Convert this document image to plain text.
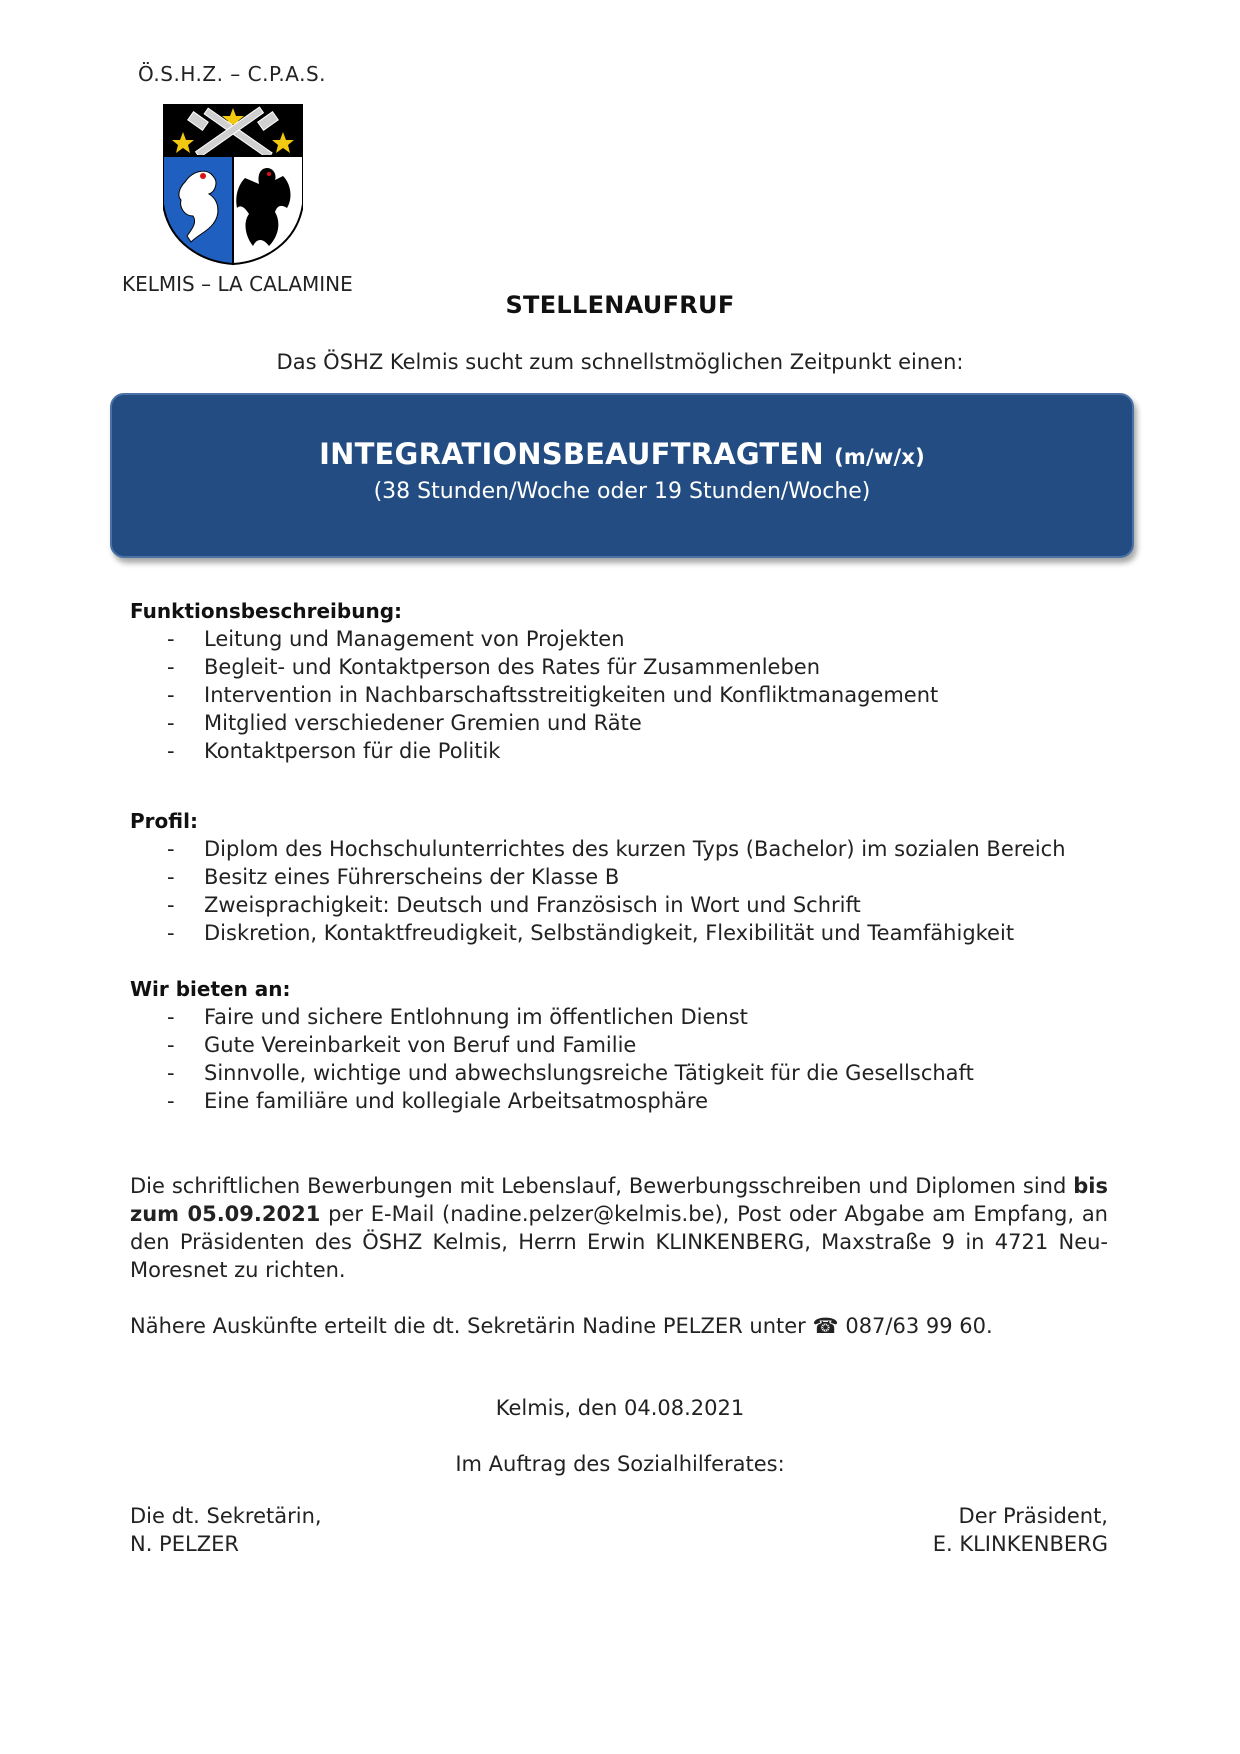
Ö.S.H.Z. – C.P.A.S.
KELMIS – LA CALAMINE
STELLENAUFRUF
Das ÖSHZ Kelmis sucht zum schnellstmöglichen Zeitpunkt einen:
INTEGRATIONSBEAUFTRAGTEN (m/w/x)
(38 Stunden/Woche oder 19 Stunden/Woche)
Funktionsbeschreibung:
- Leitung und Management von Projekten
- Begleit- und Kontaktperson des Rates für Zusammenleben
- Intervention in Nachbarschaftsstreitigkeiten und Konfliktmanagement
- Mitglied verschiedener Gremien und Räte
- Kontaktperson für die Politik
Profil:
- Diplom des Hochschulunterrichtes des kurzen Typs (Bachelor) im sozialen Bereich
- Besitz eines Führerscheins der Klasse B
- Zweisprachigkeit: Deutsch und Französisch in Wort und Schrift
- Diskretion, Kontaktfreudigkeit, Selbständigkeit, Flexibilität und Teamfähigkeit
Wir bieten an:
- Faire und sichere Entlohnung im öffentlichen Dienst
- Gute Vereinbarkeit von Beruf und Familie
- Sinnvolle, wichtige und abwechslungsreiche Tätigkeit für die Gesellschaft
- Eine familiäre und kollegiale Arbeitsatmosphäre
Die schriftlichen Bewerbungen mit Lebenslauf, Bewerbungsschreiben und Diplomen sind bis zum 05.09.2021 per E-Mail (nadine.pelzer@kelmis.be), Post oder Abgabe am Empfang, an den Präsidenten des ÖSHZ Kelmis, Herrn Erwin KLINKENBERG, Maxstraße 9 in 4721 Neu-Moresnet zu richten.
Nähere Auskünfte erteilt die dt. Sekretärin Nadine PELZER unter ☎ 087/63 99 60.
Kelmis, den 04.08.2021
Im Auftrag des Sozialhilferates:
Die dt. Sekretärin,
N. PELZER
Der Präsident,
E. KLINKENBERG
